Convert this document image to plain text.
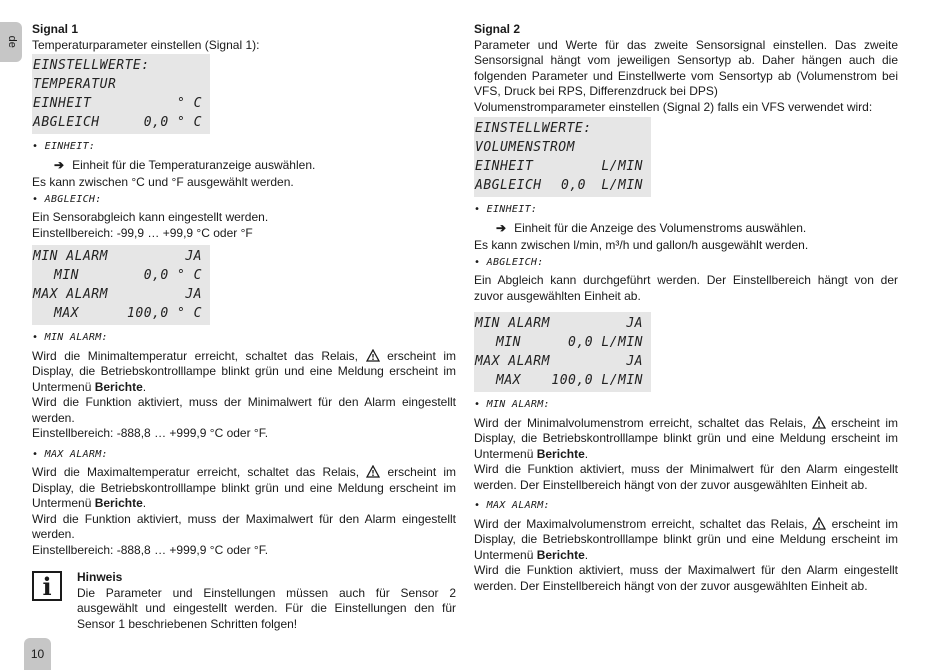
de

Signal 1

Temperaturparameter einstellen (Signal 1):

EINSTELLWERTE:
TEMPERATUR
EINHEIT	° C
ABGLEICH	0,0 ° C
• EINHEIT:

➔ Einheit für die Temperaturanzeige auswählen.

Es kann zwischen °C und °F ausgewählt werden.

• ABGLEICH:

Ein Sensorabgleich kann eingestellt werden.

Einstellbereich: -99,9 … +99,9 °C oder °F

MIN ALARM	JA
MIN	0,0 ° C
MAX ALARM	JA
MAX	100,0 ° C
• MIN ALARM:

Wird die Minimaltemperatur erreicht, schaltet das Relais, erscheint im Display, die Betriebskontrolllampe blinkt grün und eine Meldung erscheint im Untermenü Berichte.

Wird die Funktion aktiviert, muss der Minimalwert für den Alarm eingestellt werden.

Einstellbereich: -888,8 … +999,9 °C oder °F.

• MAX ALARM:

Wird die Maximaltemperatur erreicht, schaltet das Relais, erscheint im Display, die Betriebskontrolllampe blinkt grün und eine Meldung erscheint im Untermenü Berichte.

Wird die Funktion aktiviert, muss der Maximalwert für den Alarm eingestellt werden.

Einstellbereich: -888,8 … +999,9 °C oder °F.

i	Hinweis

Die Parameter und Einstellungen müssen auch für Sensor 2 ausgewählt und eingestellt werden. Für die Einstellungen den für Sensor 1 beschriebenen Schritten folgen!

Signal 2

Parameter und Werte für das zweite Sensorsignal einstellen. Das zweite Sensorsignal hängt vom jeweiligen Sensortyp ab. Daher hängen auch die folgenden Parameter und Einstellwerte vom Sensortyp ab (Volumenstrom bei VFS, Druck bei RPS, Differenzdruck bei DPS)

Volumenstromparameter einstellen (Signal 2) falls ein VFS verwendet wird:

EINSTELLWERTE:
VOLUMENSTROM
EINHEIT	L/MIN
ABGLEICH 0,0 L/MIN
• EINHEIT:

➔ Einheit für die Anzeige des Volumenstroms auswählen.

Es kann zwischen l/min, m³/h und gallon/h ausgewählt werden.

• ABGLEICH:

Ein Abgleich kann durchgeführt werden. Der Einstellbereich hängt von der zuvor ausgewählten Einheit ab.

MIN ALARM	JA
MIN	0,0 L/MIN
MAX ALARM	JA
MAX 100,0 L/MIN
• MIN ALARM:

Wird der Minimalvolumenstrom erreicht, schaltet das Relais, erscheint im Display, die Betriebskontrolllampe blinkt grün und eine Meldung erscheint im Untermenü Berichte.

Wird die Funktion aktiviert, muss der Minimalwert für den Alarm eingestellt werden. Der Einstellbereich hängt von der zuvor ausgewählten Einheit ab.

• MAX ALARM:

Wird der Maximalvolumenstrom erreicht, schaltet das Relais, erscheint im Display, die Betriebskontrolllampe blinkt grün und eine Meldung erscheint im Untermenü Berichte.

Wird die Funktion aktiviert, muss der Maximalwert für den Alarm eingestellt werden. Der Einstellbereich hängt von der zuvor ausgewählten Einheit ab.

10
